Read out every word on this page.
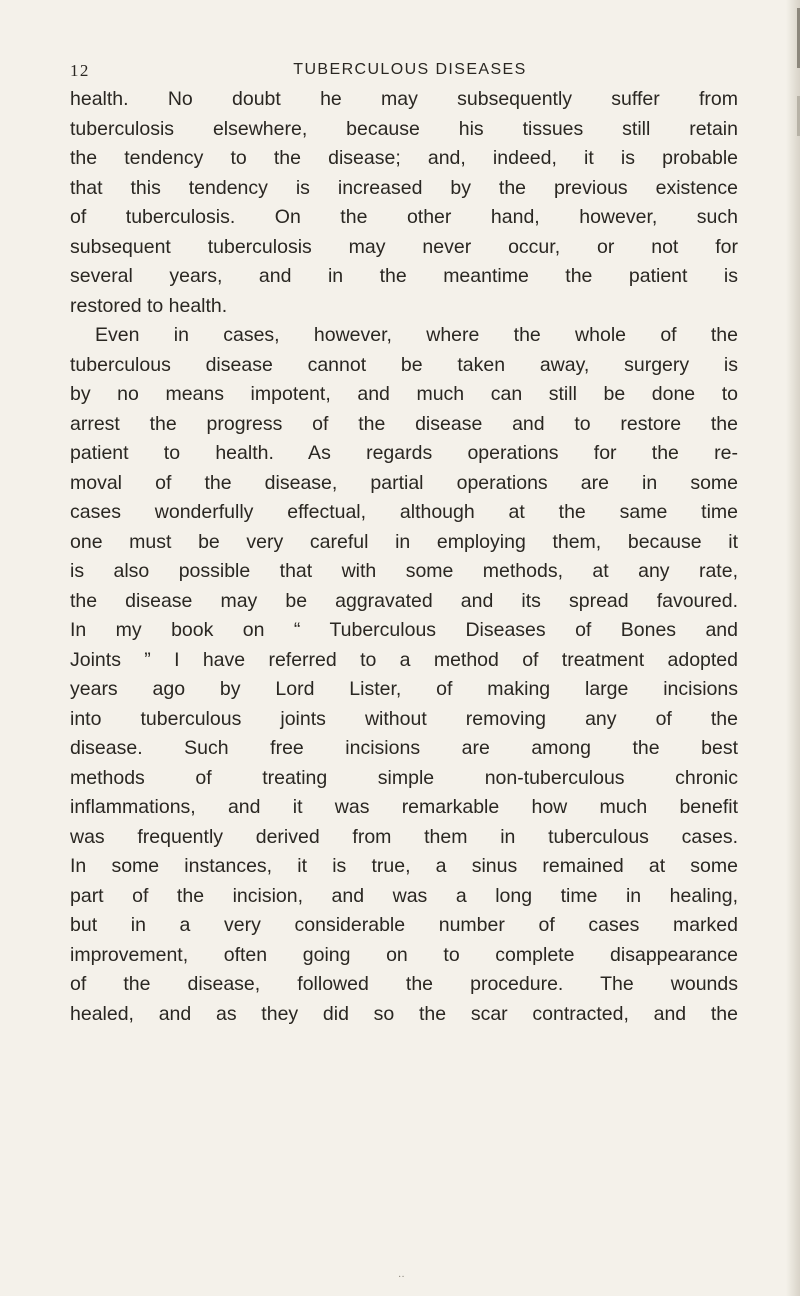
12	TUBERCULOUS DISEASES
health. No doubt he may subsequently suffer from
tuberculosis elsewhere, because his tissues still retain
the tendency to the disease; and, indeed, it is probable
that this tendency is increased by the previous existence
of tuberculosis. On the other hand, however, such
subsequent tuberculosis may never occur, or not for
several years, and in the meantime the patient is
restored to health.
Even in cases, however, where the whole of the
tuberculous disease cannot be taken away, surgery is
by no means impotent, and much can still be done to
arrest the progress of the disease and to restore the
patient to health. As regards operations for the re-
moval of the disease, partial operations are in some
cases wonderfully effectual, although at the same time
one must be very careful in employing them, because it
is also possible that with some methods, at any rate,
the disease may be aggravated and its spread favoured.
In my book on “ Tuberculous Diseases of Bones and
Joints ” I have referred to a method of treatment adopted
years ago by Lord Lister, of making large incisions
into tuberculous joints without removing any of the
disease. Such free incisions are among the best
methods of treating simple non-tuberculous chronic
inflammations, and it was remarkable how much benefit
was frequently derived from them in tuberculous cases.
In some instances, it is true, a sinus remained at some
part of the incision, and was a long time in healing,
but in a very considerable number of cases marked
improvement, often going on to complete disappearance
of the disease, followed the procedure. The wounds
healed, and as they did so the scar contracted, and the
··
